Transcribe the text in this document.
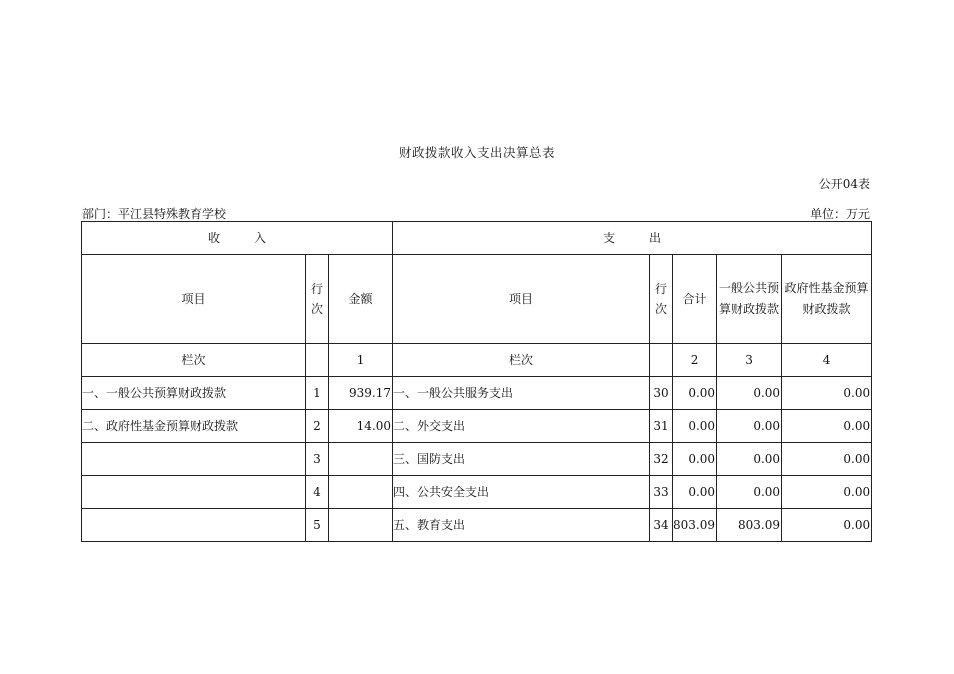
财政拨款收入支出决算总表
公开04表
部门：平江县特殊教育学校	单位：万元
收入			支出				
项目	行次	金额	项目	行次	合计	一般公共预算财政拨款	政府性基金预算财政拨款
栏次		1	栏次		2	3	4
一、一般公共预算财政拨款	1	939.17	一、一般公共服务支出	30	0.00	0.00	0.00
二、政府性基金预算财政拨款	2	14.00	二、外交支出	31	0.00	0.00	0.00
	3		三、国防支出	32	0.00	0.00	0.00
	4		四、公共安全支出	33	0.00	0.00	0.00
	5		五、教育支出	34	803.09	803.09	0.00
